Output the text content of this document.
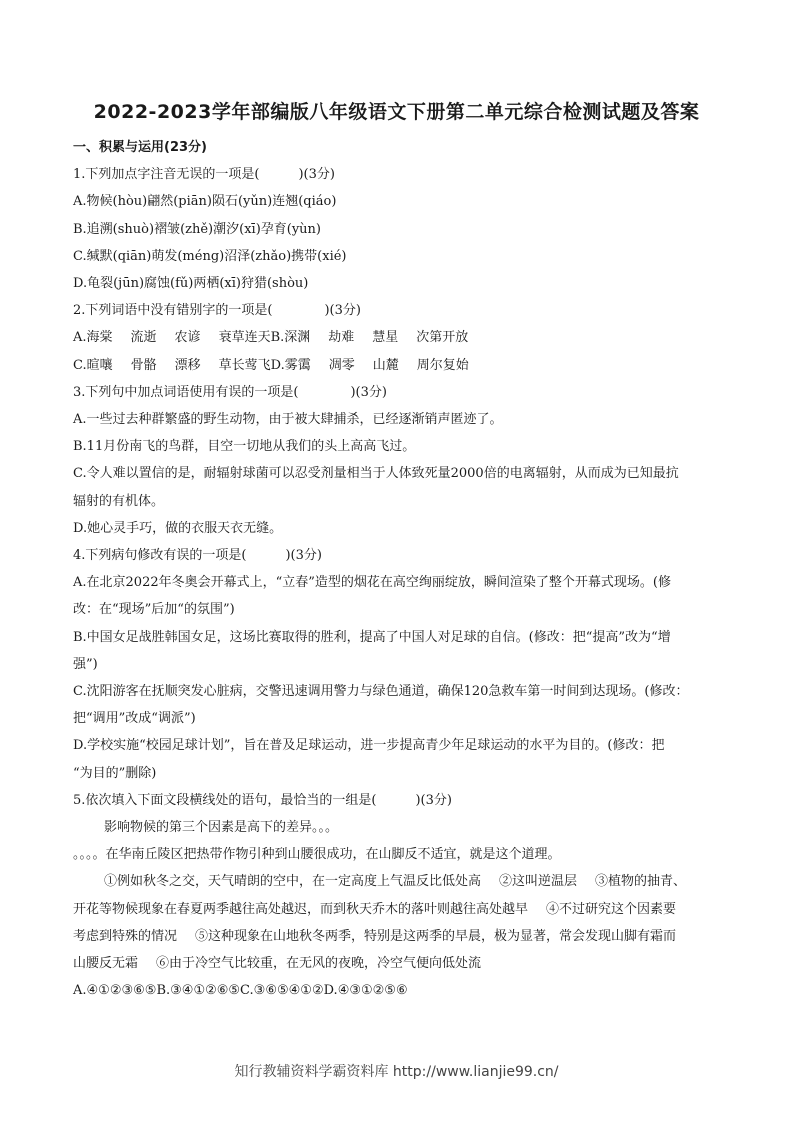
2022-2023学年部编版八年级语文下册第二单元综合检测试题及答案
一、积累与运用(23分)
1.下列加点字注音无误的一项是(　　　)(3分)
A.物候(hòu)翩然(piān)陨石(yǔn)连翘(qiáo)
B.追溯(shuò)褶皱(zhě)潮汐(xī)孕育(yùn)
C.缄默(qiān)萌发(méng)沼泽(zhǎo)携带(xié)
D.龟裂(jūn)腐蚀(fǔ)两栖(xī)狩猎(shòu)
2.下列词语中没有错别字的一项是(　　　　)(3分)
A.海棠 流逝 农谚 衰草连天B.深渊 劫难 慧星 次第开放
C.暄嚷 骨骼 漂移 草长莺飞D.雾霭 凋零 山麓 周尔复始
3.下列句中加点词语使用有误的一项是(　　　　)(3分)
A.一些过去种群繁盛的野生动物，由于被大肆捕杀，已经逐渐销声匿迹了。
B.11月份南飞的鸟群，目空一切地从我们的头上高高飞过。
C.令人难以置信的是，耐辐射球菌可以忍受剂量相当于人体致死量2000倍的电离辐射，从而成为已知最抗
辐射的有机体。
D.她心灵手巧，做的衣服天衣无缝。
4.下列病句修改有误的一项是(　　　)(3分)
A.在北京2022年冬奥会开幕式上，“立春”造型的烟花在高空绚丽绽放，瞬间渲染了整个开幕式现场。(修
改：在“现场”后加“的氛围”)
B.中国女足战胜韩国女足，这场比赛取得的胜利，提高了中国人对足球的自信。(修改：把“提高”改为“增
强”)
C.沈阳游客在抚顺突发心脏病，交警迅速调用警力与绿色通道，确保120急救车第一时间到达现场。(修改：
把“调用”改成“调派”)
D.学校实施“校园足球计划”，旨在普及足球运动，进一步提高青少年足球运动的水平为目的。(修改：把
“为目的”删除)
5.依次填入下面文段横线处的语句，最恰当的一组是(　　　)(3分)
影响物候的第三个因素是高下的差异。。。
。。。。在华南丘陵区把热带作物引种到山腰很成功，在山脚反不适宜，就是这个道理。
①例如秋冬之交，天气晴朗的空中，在一定高度上气温反比低处高 ②这叫逆温层 ③植物的抽青、
开花等物候现象在春夏两季越往高处越迟，而到秋天乔木的落叶则越往高处越早 ④不过研究这个因素要
考虑到特殊的情况 ⑤这种现象在山地秋冬两季，特别是这两季的早晨，极为显著，常会发现山脚有霜而
山腰反无霜 ⑥由于冷空气比较重，在无风的夜晚，冷空气便向低处流
A.④①②③⑥⑤B.③④①②⑥⑤C.③⑥⑤④①②D.④③①②⑤⑥
知行教辅资料学霸资料库 http://www.lianjie99.cn/
